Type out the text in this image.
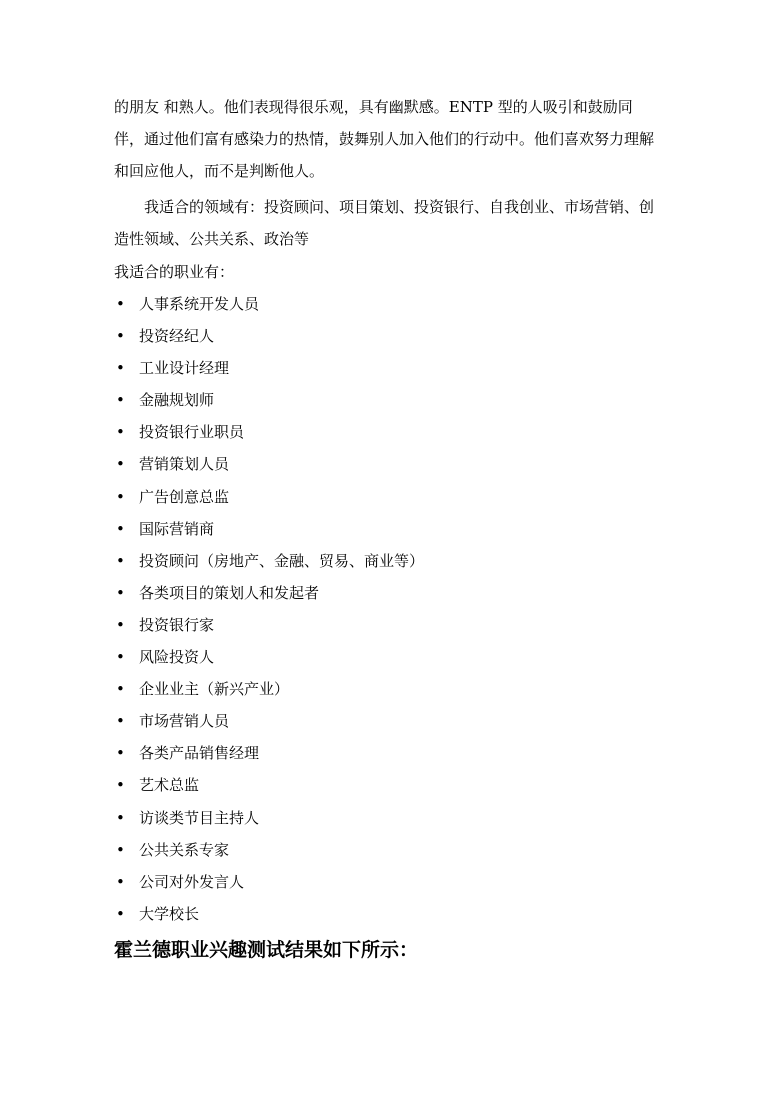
的朋友 和熟人。他们表现得很乐观，具有幽默感。ENTP 型的人吸引和鼓励同伴，通过他们富有感染力的热情，鼓舞别人加入他们的行动中。他们喜欢努力理解和回应他人，而不是判断他人。

我适合的领域有：投资顾问、项目策划、投资银行、自我创业、市场营销、创造性领域、公共关系、政治等

我适合的职业有：

• 人事系统开发人员
• 投资经纪人
• 工业设计经理
• 金融规划师
• 投资银行业职员
• 营销策划人员
• 广告创意总监
• 国际营销商
• 投资顾问（房地产、金融、贸易、商业等）
• 各类项目的策划人和发起者
• 投资银行家
• 风险投资人
• 企业业主（新兴产业）
• 市场营销人员
• 各类产品销售经理
• 艺术总监
• 访谈类节目主持人
• 公共关系专家
• 公司对外发言人
• 大学校长
霍兰德职业兴趣测试结果如下所示：
